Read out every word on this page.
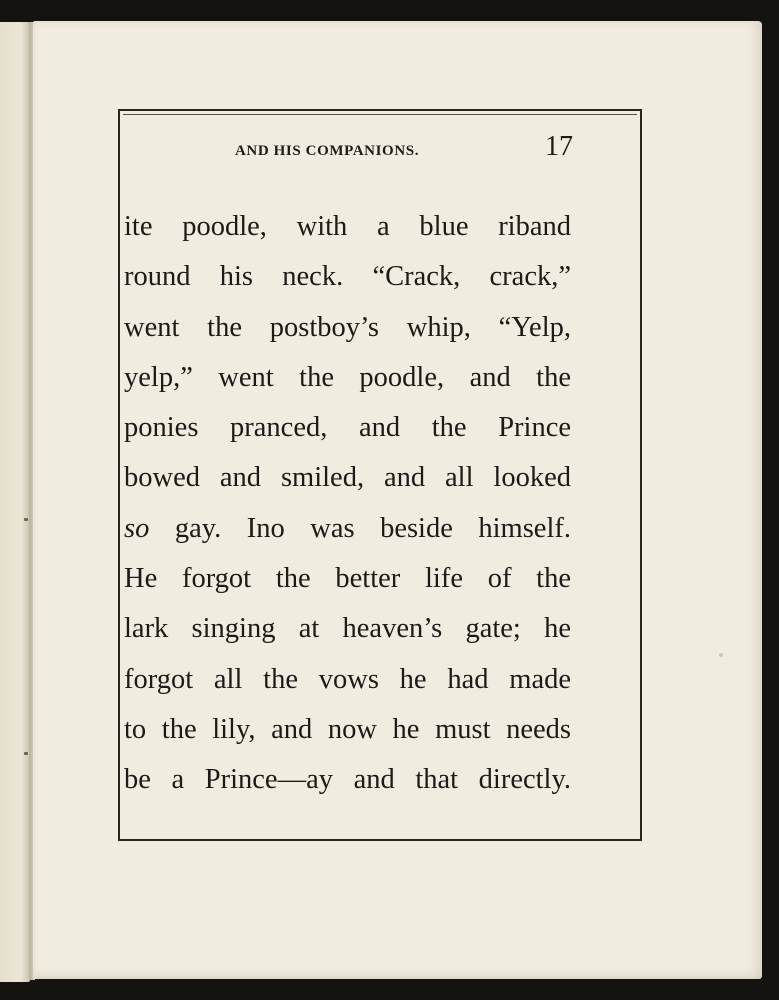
AND HIS COMPANIONS.	17
ite poodle, with a blue riband
round his neck. “Crack, crack,”
went the postboy’s whip, “Yelp,
yelp,” went the poodle, and the
ponies pranced, and the Prince
bowed and smiled, and all looked
so gay. Ino was beside himself.
He forgot the better life of the
lark singing at heaven’s gate; he
forgot all the vows he had made
to the lily, and now he must needs
be a Prince—ay and that directly.
